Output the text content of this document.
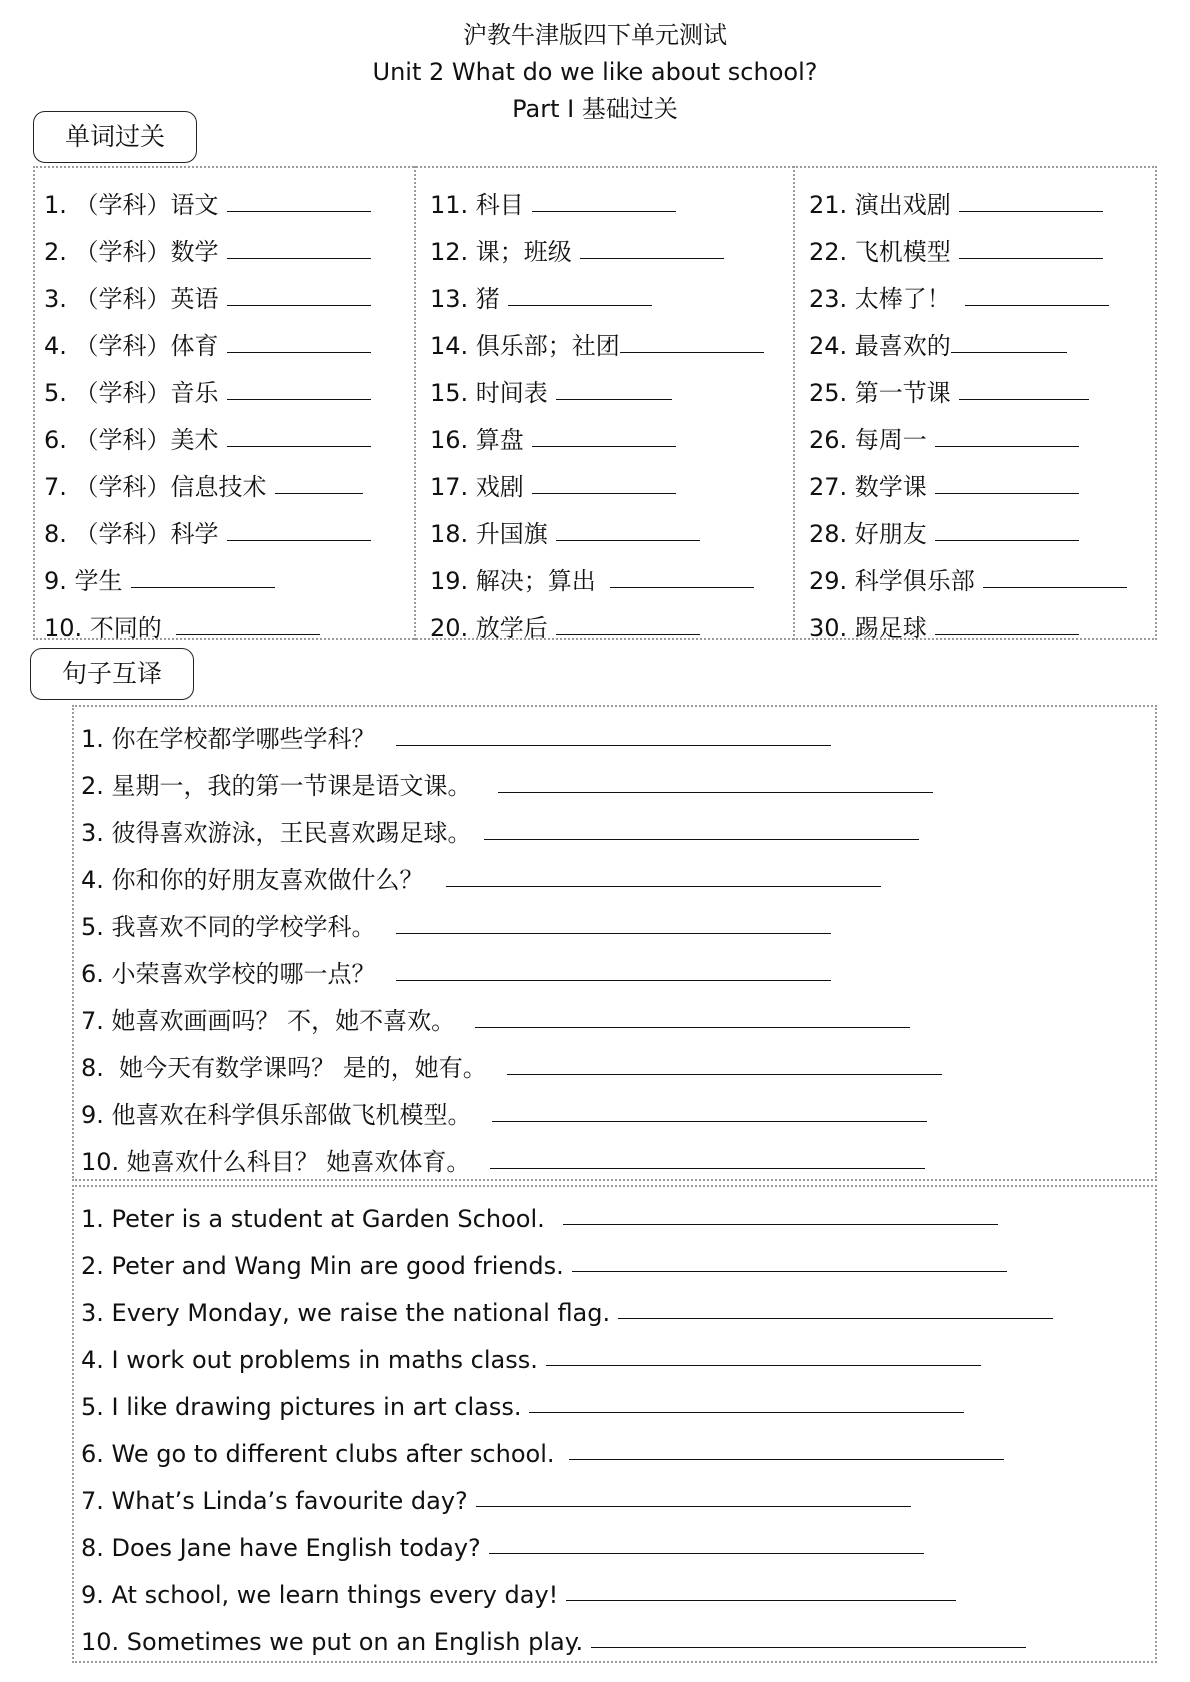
沪教牛津版四下单元测试
Unit 2 What do we like about school?
Part Ⅰ 基础过关
单词过关
1. （学科）语文
2. （学科）数学
3. （学科）英语
4. （学科）体育
5. （学科）音乐
6. （学科）美术
7. （学科）信息技术
8. （学科）科学
9. 学生
10. 不同的
11. 科目
12. 课；班级
13. 猪
14. 俱乐部；社团
15. 时间表
16. 算盘
17. 戏剧
18. 升国旗
19. 解决；算出
20. 放学后
21. 演出戏剧
22. 飞机模型
23. 太棒了！
24. 最喜欢的
25. 第一节课
26. 每周一
27. 数学课
28. 好朋友
29. 科学俱乐部
30. 踢足球
句子互译
1. 你在学校都学哪些学科？
2. 星期一，我的第一节课是语文课。
3. 彼得喜欢游泳，王民喜欢踢足球。
4. 你和你的好朋友喜欢做什么？
5. 我喜欢不同的学校学科。
6. 小荣喜欢学校的哪一点？
7. 她喜欢画画吗？ 不，她不喜欢。
8.  她今天有数学课吗？ 是的，她有。
9. 他喜欢在科学俱乐部做飞机模型。
10. 她喜欢什么科目？ 她喜欢体育。
1. Peter is a student at Garden School.
2. Peter and Wang Min are good friends.
3. Every Monday, we raise the national flag.
4. I work out problems in maths class.
5. I like drawing pictures in art class.
6. We go to different clubs after school.
7. What’s Linda’s favourite day?
8. Does Jane have English today?
9. At school, we learn things every day!
10. Sometimes we put on an English play.
